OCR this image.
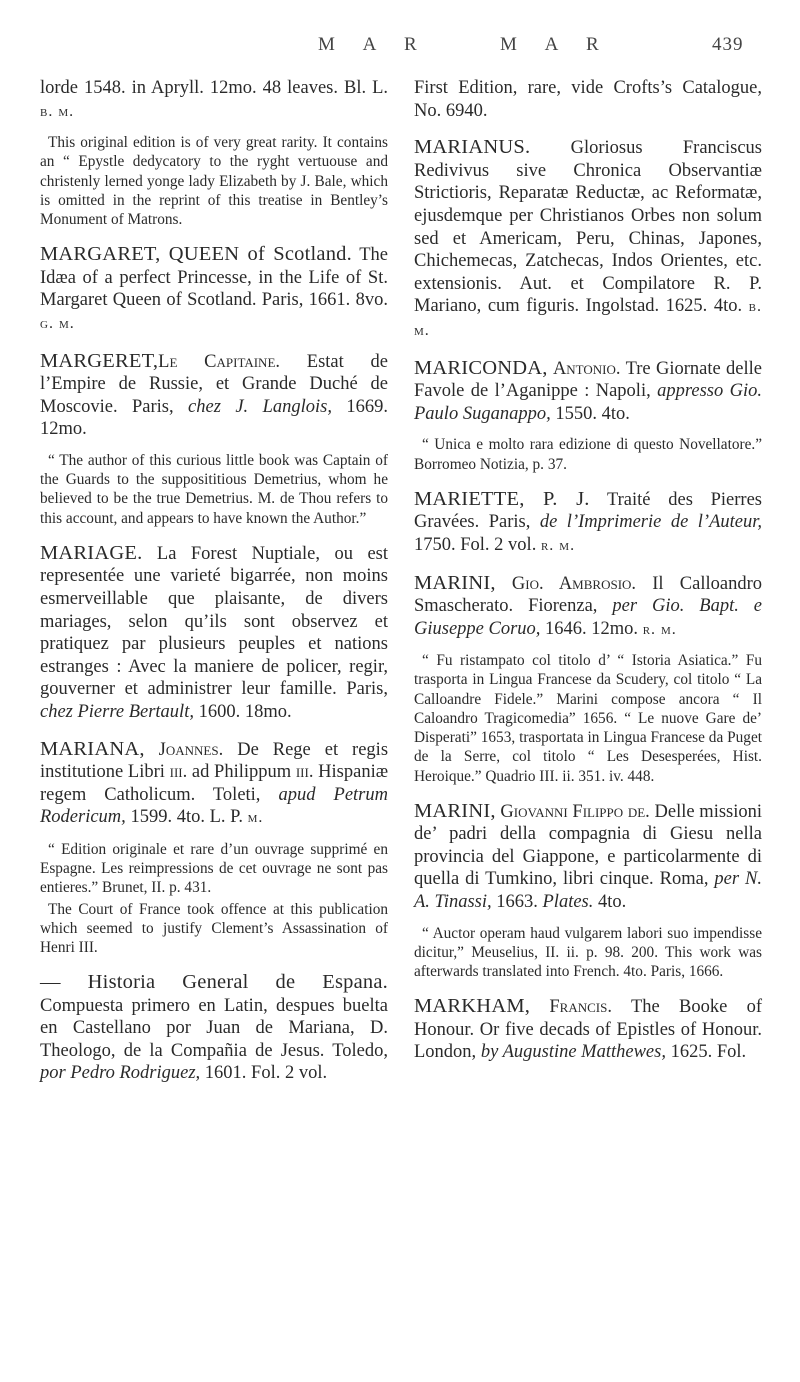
M A R	M A R	439

lorde 1548. in Apryll. 12mo. 48 leaves. Bl. L. b. m.

This original edition is of very great rarity. It contains an “ Epystle dedycatory to the ryght vertuouse and christenly lerned yonge lady Elizabeth by J. Bale, which is omitted in the reprint of this treatise in Bentley’s Monument of Matrons.

MARGARET, QUEEN of Scotland. The Idæa of a perfect Princesse, in the Life of St. Margaret Queen of Scotland. Paris, 1661. 8vo. g. m.

MARGERET,Le Capitaine. Estat de l’Empire de Russie, et Grande Duché de Moscovie. Paris, chez J. Langlois, 1669. 12mo.

“ The author of this curious little book was Captain of the Guards to the supposititious Demetrius, whom he believed to be the true Demetrius. M. de Thou refers to this account, and appears to have known the Author.”

MARIAGE. La Forest Nuptiale, ou est representée une varieté bigarrée, non moins esmerveillable que plaisante, de divers mariages, selon qu’ils sont observez et pratiquez par plusieurs peuples et nations estranges : Avec la maniere de policer, regir, gouverner et administrer leur famille. Paris, chez Pierre Bertault, 1600. 18mo.

MARIANA, Joannes. De Rege et regis institutione Libri iii. ad Philippum iii. Hispaniæ regem Catholicum. Toleti, apud Petrum Rodericum, 1599. 4to. L. P. m.

“ Edition originale et rare d’un ouvrage supprimé en Espagne. Les reimpressions de cet ouvrage ne sont pas entieres.” Brunet, II. p. 431.

The Court of France took offence at this publication which seemed to justify Clement’s Assassination of Henri III.

— Historia General de Espana. Compuesta primero en Latin, despues buelta en Castellano por Juan de Mariana, D. Theologo, de la Compañia de Jesus. Toledo, por Pedro Rodriguez, 1601. Fol. 2 vol.

First Edition, rare, vide Crofts’s Catalogue, No. 6940.

MARIANUS. Gloriosus Franciscus Redivivus sive Chronica Observantiæ Strictioris, Reparatæ Reductæ, ac Reformatæ, ejusdemque per Christianos Orbes non solum sed et Americam, Peru, Chinas, Japones, Chichemecas, Zatchecas, Indos Orientes, etc. extensionis. Aut. et Compilatore R. P. Mariano, cum figuris. Ingolstad. 1625. 4to. b. m.

MARICONDA, Antonio. Tre Giornate delle Favole de l’Aganippe : Napoli, appresso Gio. Paulo Suganappo, 1550. 4to.

“ Unica e molto rara edizione di questo Novellatore.” Borromeo Notizia, p. 37.

MARIETTE, P. J. Traité des Pierres Gravées. Paris, de l’Imprimerie de l’Auteur, 1750. Fol. 2 vol. r. m.

MARINI, Gio. Ambrosio. Il Calloandro Smascherato. Fiorenza, per Gio. Bapt. e Giuseppe Coruo, 1646. 12mo. r. m.

“ Fu ristampato col titolo d’ “ Istoria Asiatica.” Fu trasporta in Lingua Francese da Scudery, col titolo “ La Calloandre Fidele.” Marini compose ancora “ Il Caloandro Tragicomedia” 1656. “ Le nuove Gare de’ Disperati” 1653, trasportata in Lingua Francese da Puget de la Serre, col titolo “ Les Desesperées, Hist. Heroique.” Quadrio III. ii. 351. iv. 448.

MARINI, Giovanni Filippo de. Delle missioni de’ padri della compagnia di Giesu nella provincia del Giappone, e particolarmente di quella di Tumkino, libri cinque. Roma, per N. A. Tinassi, 1663. Plates. 4to.

“ Auctor operam haud vulgarem labori suo impendisse dicitur,” Meuselius, II. ii. p. 98. 200. This work was afterwards translated into French. 4to. Paris, 1666.

MARKHAM, Francis. The Booke of Honour. Or five decads of Epistles of Honour. London, by Augustine Matthewes, 1625. Fol.
